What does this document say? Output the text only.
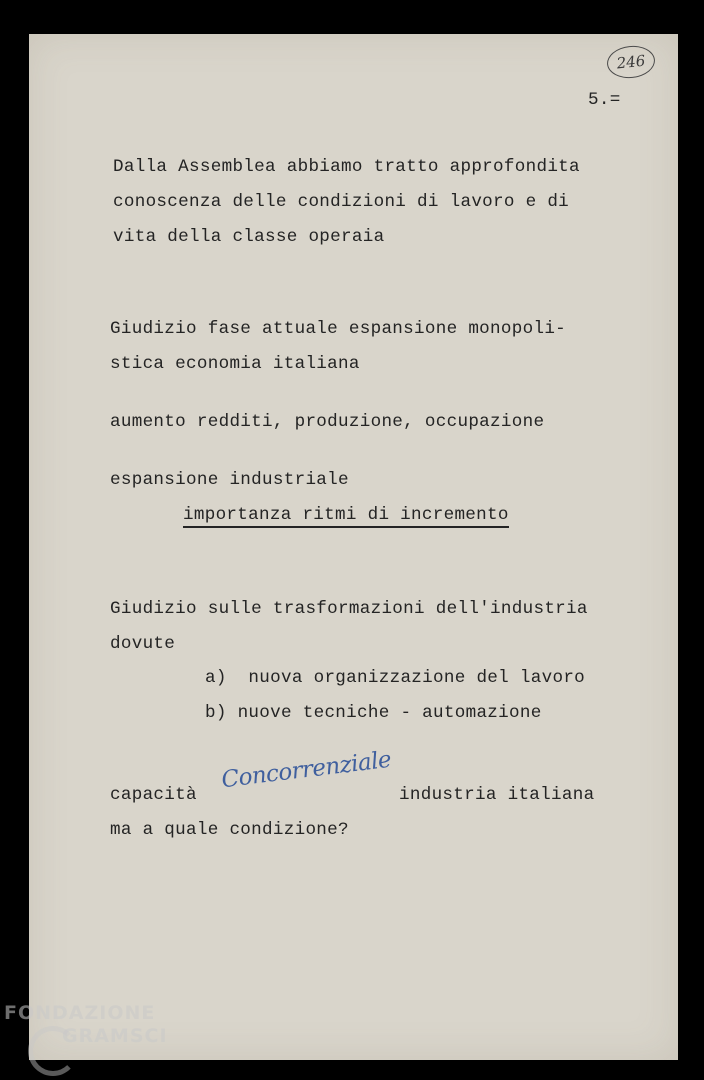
246
5.=
Dalla Assemblea abbiamo tratto approfondita
conoscenza delle condizioni di lavoro e di
vita della classe operaia
Giudizio fase attuale espansione monopoli-
stica economia italiana
aumento redditi, produzione, occupazione
espansione industriale
importanza ritmi di incremento
Giudizio sulle trasformazioni dell'industria
dovute
a)  nuova organizzazione del lavoro
b) nuove tecniche - automazione
capacità
Concorrenziale
industria italiana
ma a quale condizione?
FONDAZIONE
GRAMSCI
